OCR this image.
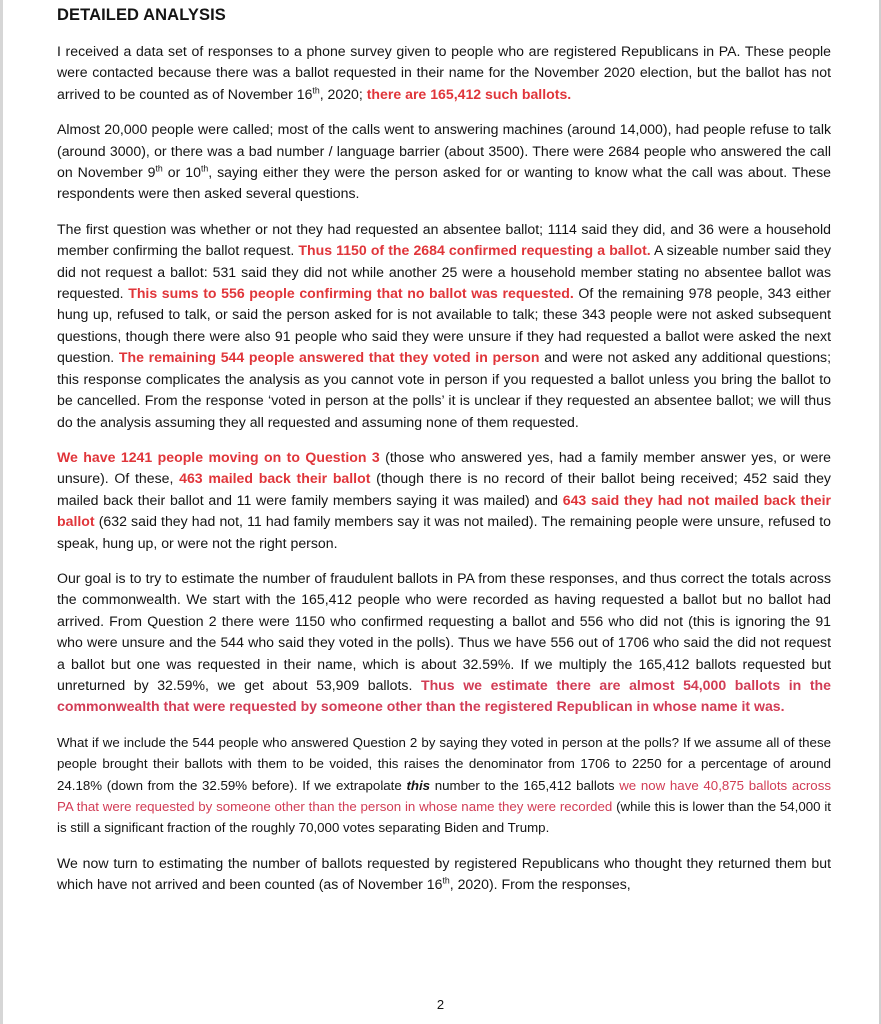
DETAILED ANALYSIS

I received a data set of responses to a phone survey given to people who are registered Republicans in PA. These people were contacted because there was a ballot requested in their name for the November 2020 election, but the ballot has not arrived to be counted as of November 16th, 2020; there are 165,412 such ballots.

Almost 20,000 people were called; most of the calls went to answering machines (around 14,000), had people refuse to talk (around 3000), or there was a bad number / language barrier (about 3500). There were 2684 people who answered the call on November 9th or 10th, saying either they were the person asked for or wanting to know what the call was about. These respondents were then asked several questions.

The first question was whether or not they had requested an absentee ballot; 1114 said they did, and 36 were a household member confirming the ballot request. Thus 1150 of the 2684 confirmed requesting a ballot. A sizeable number said they did not request a ballot: 531 said they did not while another 25 were a household member stating no absentee ballot was requested. This sums to 556 people confirming that no ballot was requested. Of the remaining 978 people, 343 either hung up, refused to talk, or said the person asked for is not available to talk; these 343 people were not asked subsequent questions, though there were also 91 people who said they were unsure if they had requested a ballot were asked the next question. The remaining 544 people answered that they voted in person and were not asked any additional questions; this response complicates the analysis as you cannot vote in person if you requested a ballot unless you bring the ballot to be cancelled. From the response ‘voted in person at the polls’ it is unclear if they requested an absentee ballot; we will thus do the analysis assuming they all requested and assuming none of them requested.

We have 1241 people moving on to Question 3 (those who answered yes, had a family member answer yes, or were unsure). Of these, 463 mailed back their ballot (though there is no record of their ballot being received; 452 said they mailed back their ballot and 11 were family members saying it was mailed) and 643 said they had not mailed back their ballot (632 said they had not, 11 had family members say it was not mailed). The remaining people were unsure, refused to speak, hung up, or were not the right person.

Our goal is to try to estimate the number of fraudulent ballots in PA from these responses, and thus correct the totals across the commonwealth. We start with the 165,412 people who were recorded as having requested a ballot but no ballot had arrived. From Question 2 there were 1150 who confirmed requesting a ballot and 556 who did not (this is ignoring the 91 who were unsure and the 544 who said they voted in the polls). Thus we have 556 out of 1706 who said the did not request a ballot but one was requested in their name, which is about 32.59%. If we multiply the 165,412 ballots requested but unreturned by 32.59%, we get about 53,909 ballots. Thus we estimate there are almost 54,000 ballots in the commonwealth that were requested by someone other than the registered Republican in whose name it was.

What if we include the 544 people who answered Question 2 by saying they voted in person at the polls? If we assume all of these people brought their ballots with them to be voided, this raises the denominator from 1706 to 2250 for a percentage of around 24.18% (down from the 32.59% before). If we extrapolate this number to the 165,412 ballots we now have 40,875 ballots across PA that were requested by someone other than the person in whose name they were recorded (while this is lower than the 54,000 it is still a significant fraction of the roughly 70,000 votes separating Biden and Trump.

We now turn to estimating the number of ballots requested by registered Republicans who thought they returned them but which have not arrived and been counted (as of November 16th, 2020). From the responses,

2
